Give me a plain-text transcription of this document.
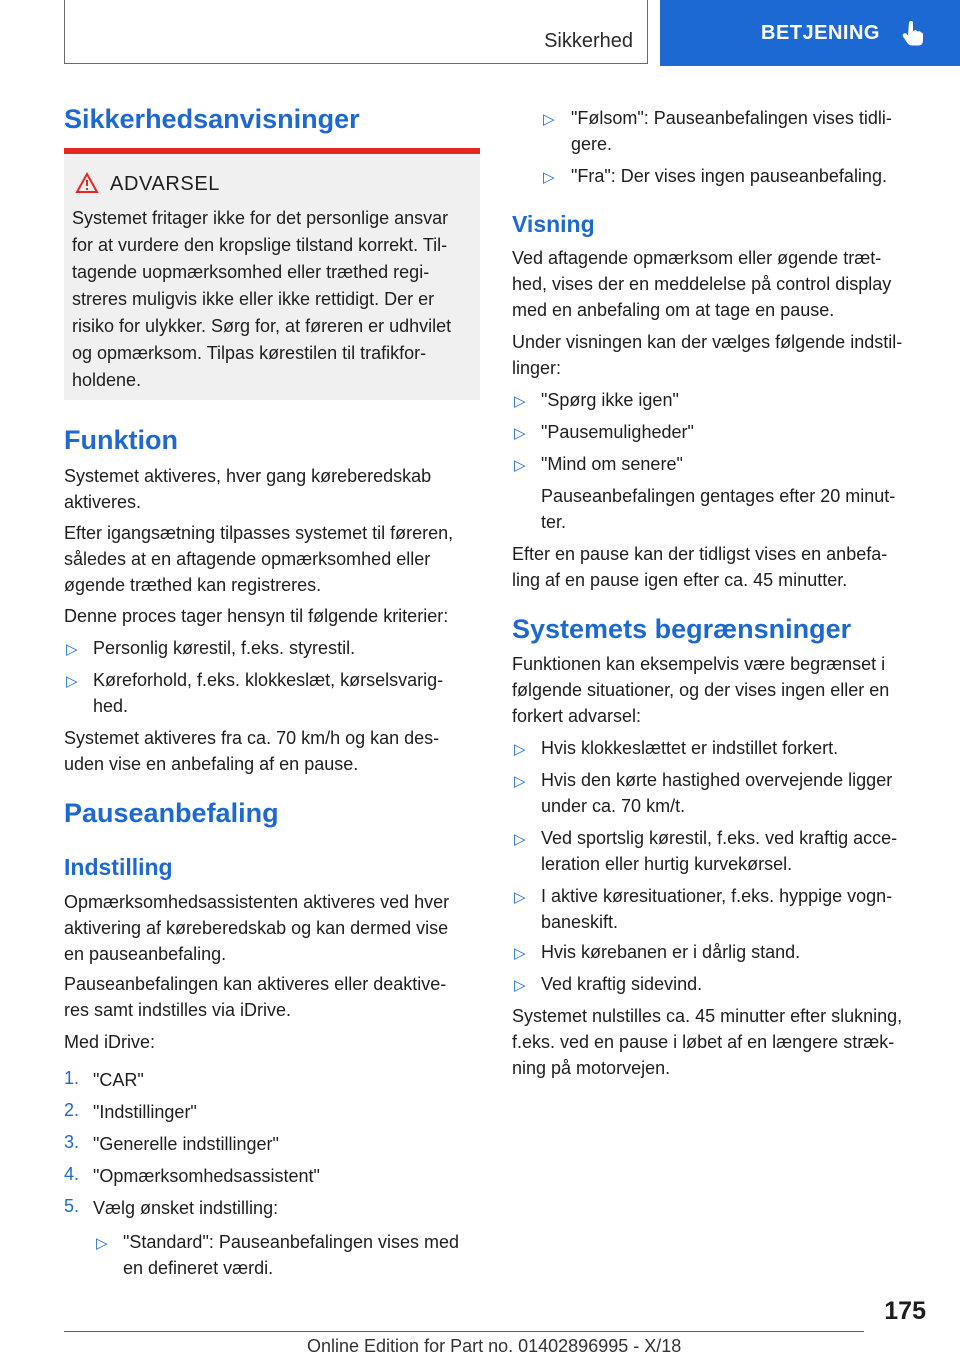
Sikkerhed	BETJENING
Sikkerhedsanvisninger
ADVARSEL
Systemet fritager ikke for det personlige ansvar
for at vurdere den kropslige tilstand korrekt. Til-
tagende uopmærksomhed eller træthed regi-
streres muligvis ikke eller ikke rettidigt. Der er
risiko for ulykker. Sørg for, at føreren er udhvilet
og opmærksom. Tilpas kørestilen til trafikfor-
holdene.
Funktion
Systemet aktiveres, hver gang køreberedskab
aktiveres.
Efter igangsætning tilpasses systemet til føreren,
således at en aftagende opmærksomhed eller
øgende træthed kan registreres.
Denne proces tager hensyn til følgende kriterier:
▷ Personlig kørestil, f.eks. styrestil.
▷ Køreforhold, f.eks. klokkeslæt, kørselsvarig-
hed.
Systemet aktiveres fra ca. 70 km/h og kan des-
uden vise en anbefaling af en pause.
Pauseanbefaling
Indstilling
Opmærksomhedsassistenten aktiveres ved hver
aktivering af køreberedskab og kan dermed vise
en pauseanbefaling.
Pauseanbefalingen kan aktiveres eller deaktive-
res samt indstilles via iDrive.
Med iDrive:
1. "CAR"
2. "Indstillinger"
3. "Generelle indstillinger"
4. "Opmærksomhedsassistent"
5. Vælg ønsket indstilling:
▷ "Standard": Pauseanbefalingen vises med
en defineret værdi.
▷ "Følsom": Pauseanbefalingen vises tidli-
gere.
▷ "Fra": Der vises ingen pauseanbefaling.
Visning
Ved aftagende opmærksom eller øgende træt-
hed, vises der en meddelelse på control display
med en anbefaling om at tage en pause.
Under visningen kan der vælges følgende indstil-
linger:
▷ "Spørg ikke igen"
▷ "Pausemuligheder"
▷ "Mind om senere"
Pauseanbefalingen gentages efter 20 minut-
ter.
Efter en pause kan der tidligst vises en anbefa-
ling af en pause igen efter ca. 45 minutter.
Systemets begrænsninger
Funktionen kan eksempelvis være begrænset i
følgende situationer, og der vises ingen eller en
forkert advarsel:
▷ Hvis klokkeslættet er indstillet forkert.
▷ Hvis den kørte hastighed overvejende ligger
under ca. 70 km/t.
▷ Ved sportslig kørestil, f.eks. ved kraftig acce-
leration eller hurtig kurvekørsel.
▷ I aktive køresituationer, f.eks. hyppige vogn-
baneskift.
▷ Hvis kørebanen er i dårlig stand.
▷ Ved kraftig sidevind.
Systemet nulstilles ca. 45 minutter efter slukning,
f.eks. ved en pause i løbet af en længere stræk-
ning på motorvejen.
175
Online Edition for Part no. 01402896995 - X/18
